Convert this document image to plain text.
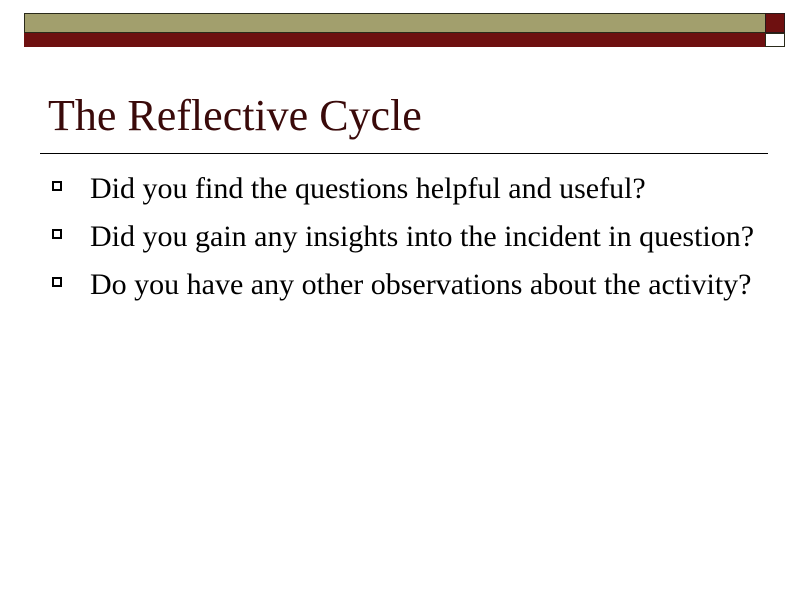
The Reflective Cycle
Did you find the questions helpful and useful?
Did you gain any insights into the incident in question?
Do you have any other observations about the activity?
